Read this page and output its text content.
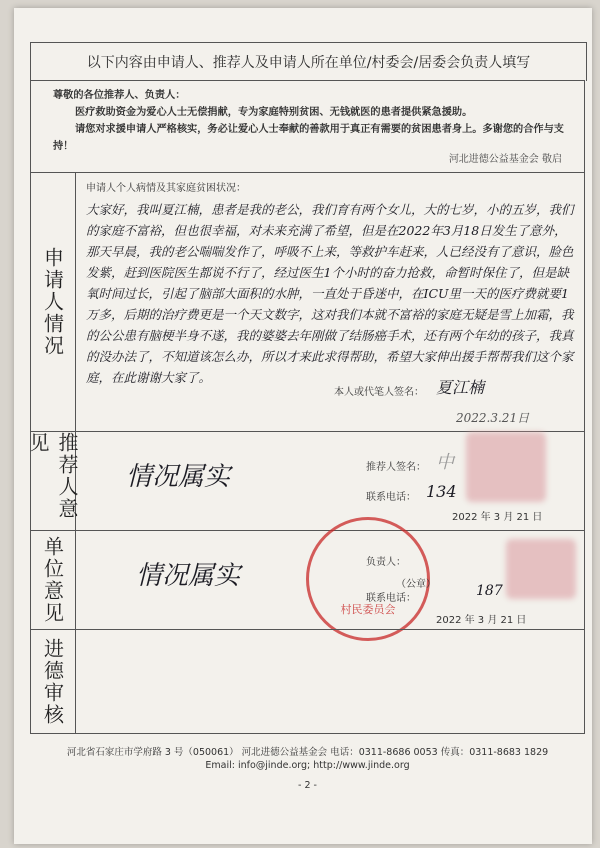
以下内容由申请人、推荐人及申请人所在单位/村委会/居委会负责人填写
尊敬的各位推荐人、负责人：
医疗救助资金为爱心人士无偿捐献，专为家庭特别贫困、无钱就医的患者提供紧急援助。
请您对求援申请人严格核实，务必让爱心人士奉献的善款用于真正有需要的贫困患者身上。多谢您的合作与支持！
河北进德公益基金会 敬启
申请人情况
申请人个人病情及其家庭贫困状况：
大家好，我叫夏江楠，患者是我的老公，我们育有两个女儿，大的七岁，小的五岁，我们的家庭不富裕，但也很幸福，对未来充满了希望，但是在2022年3月18日发生了意外，那天早晨，我的老公喘喘发作了，呼吸不上来，等救护车赶来，人已经没有了意识，脸色发紫，赶到医院医生都说不行了，经过医生1个小时的奋力抢救，命暂时保住了，但是缺氧时间过长，引起了脑部大面积的水肿，一直处于昏迷中，在ICU里一天的医疗费就要1万多，后期的治疗费更是一个天文数字，这对我们本就不富裕的家庭无疑是雪上加霜，我的公公患有脑梗半身不遂，我的婆婆去年刚做了结肠癌手术，还有两个年幼的孩子，我真的没办法了，不知道该怎么办，所以才来此求得帮助，希望大家伸出援手帮帮我们这个家庭，在此谢谢大家了。
本人或代笔人签名： 夏江楠
2022.3.21日
推荐人意见
情况属实	推荐人签名： 中
联系电话： 134
2022 年 3 月 21 日
单位意见	情况属实
村民委员会
负责人：
（公章）
联系电话：	187
2022 年 3 月 21 日
进德审核
河北省石家庄市学府路 3 号（050061） 河北进德公益基金会 电话：0311-8686 0053 传真：0311-8683 1829
Email: info@jinde.org; http://www.jinde.org
- 2 -
